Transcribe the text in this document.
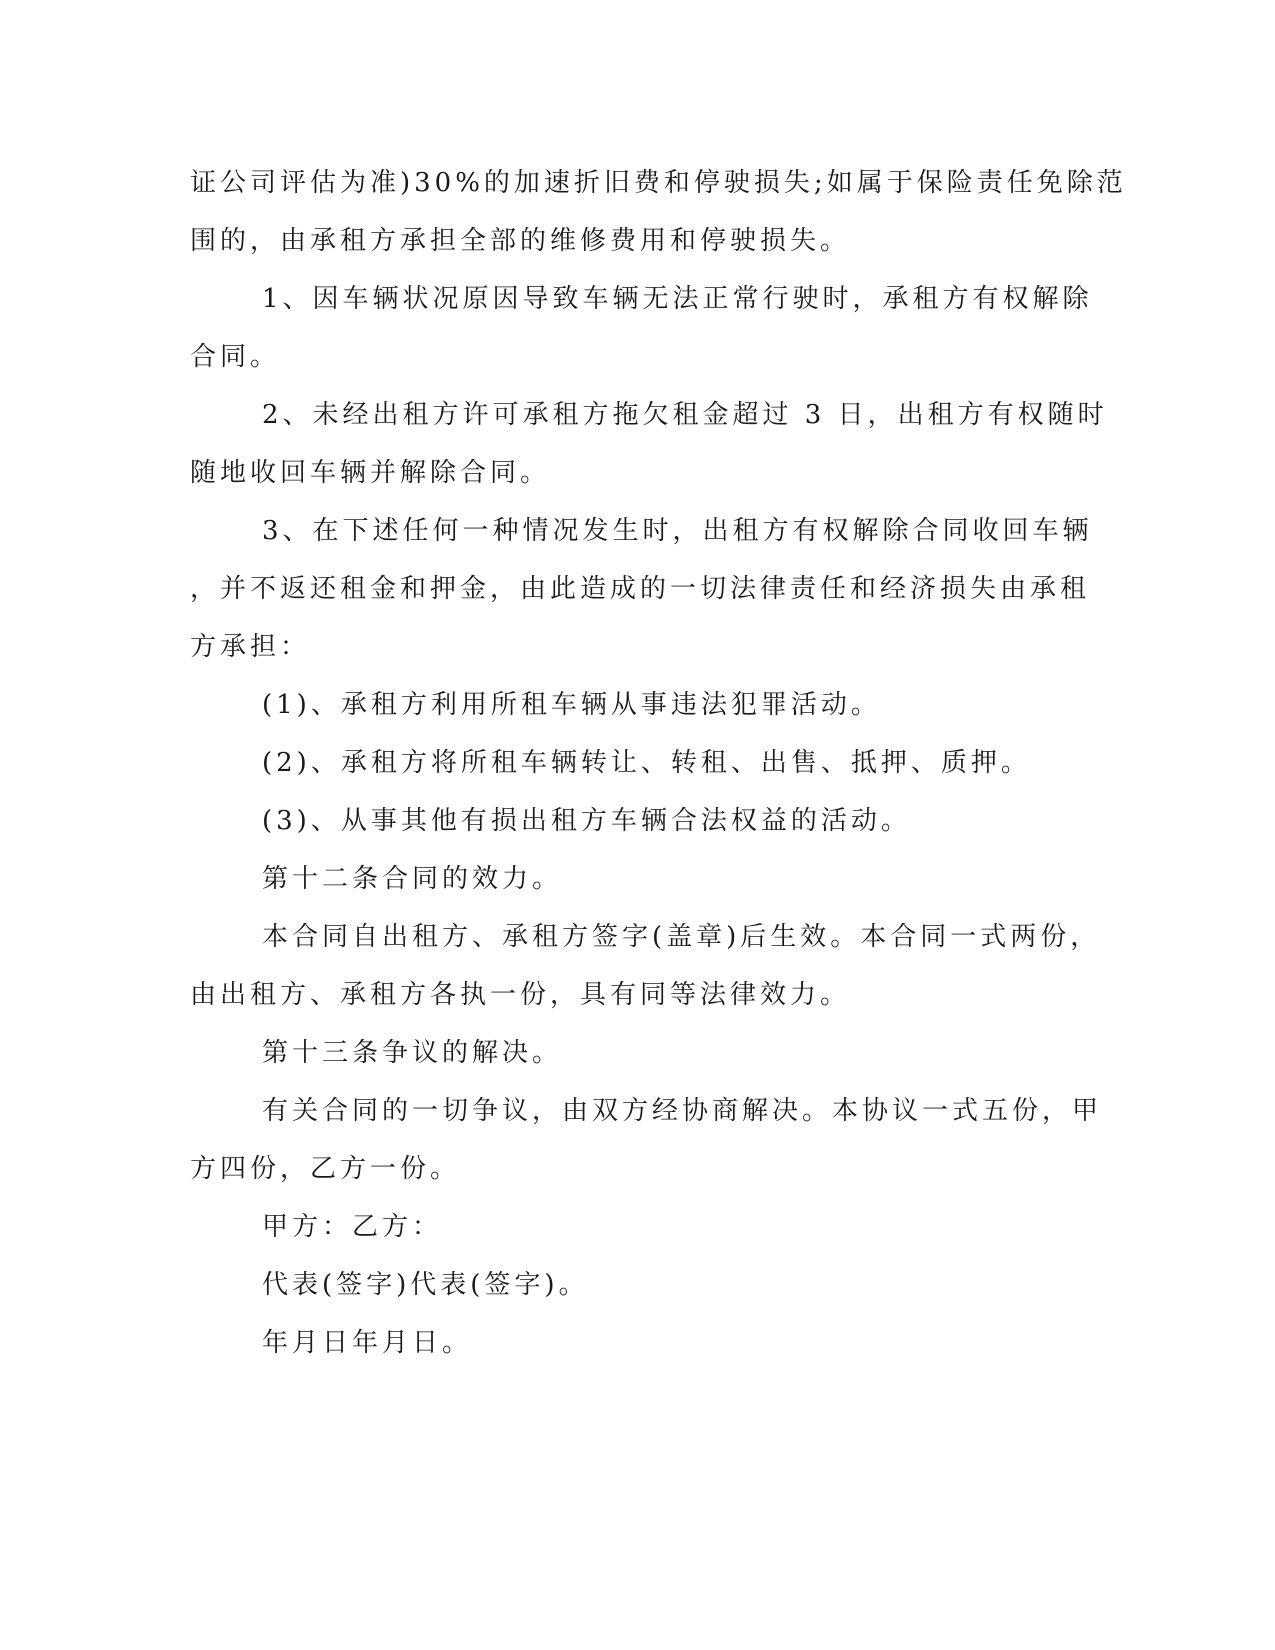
证公司评估为准)30%的加速折旧费和停驶损失;如属于保险责任免除范
围的，由承租方承担全部的维修费用和停驶损失。
1、因车辆状况原因导致车辆无法正常行驶时，承租方有权解除
合同。
2、未经出租方许可承租方拖欠租金超过 3 日，出租方有权随时
随地收回车辆并解除合同。
3、在下述任何一种情况发生时，出租方有权解除合同收回车辆
，并不返还租金和押金，由此造成的一切法律责任和经济损失由承租
方承担：
(1)、承租方利用所租车辆从事违法犯罪活动。
(2)、承租方将所租车辆转让、转租、出售、抵押、质押。
(3)、从事其他有损出租方车辆合法权益的活动。
第十二条合同的效力。
本合同自出租方、承租方签字(盖章)后生效。本合同一式两份，
由出租方、承租方各执一份，具有同等法律效力。
第十三条争议的解决。
有关合同的一切争议，由双方经协商解决。本协议一式五份，甲
方四份，乙方一份。
甲方：乙方：
代表(签字)代表(签字)。
年月日年月日。
